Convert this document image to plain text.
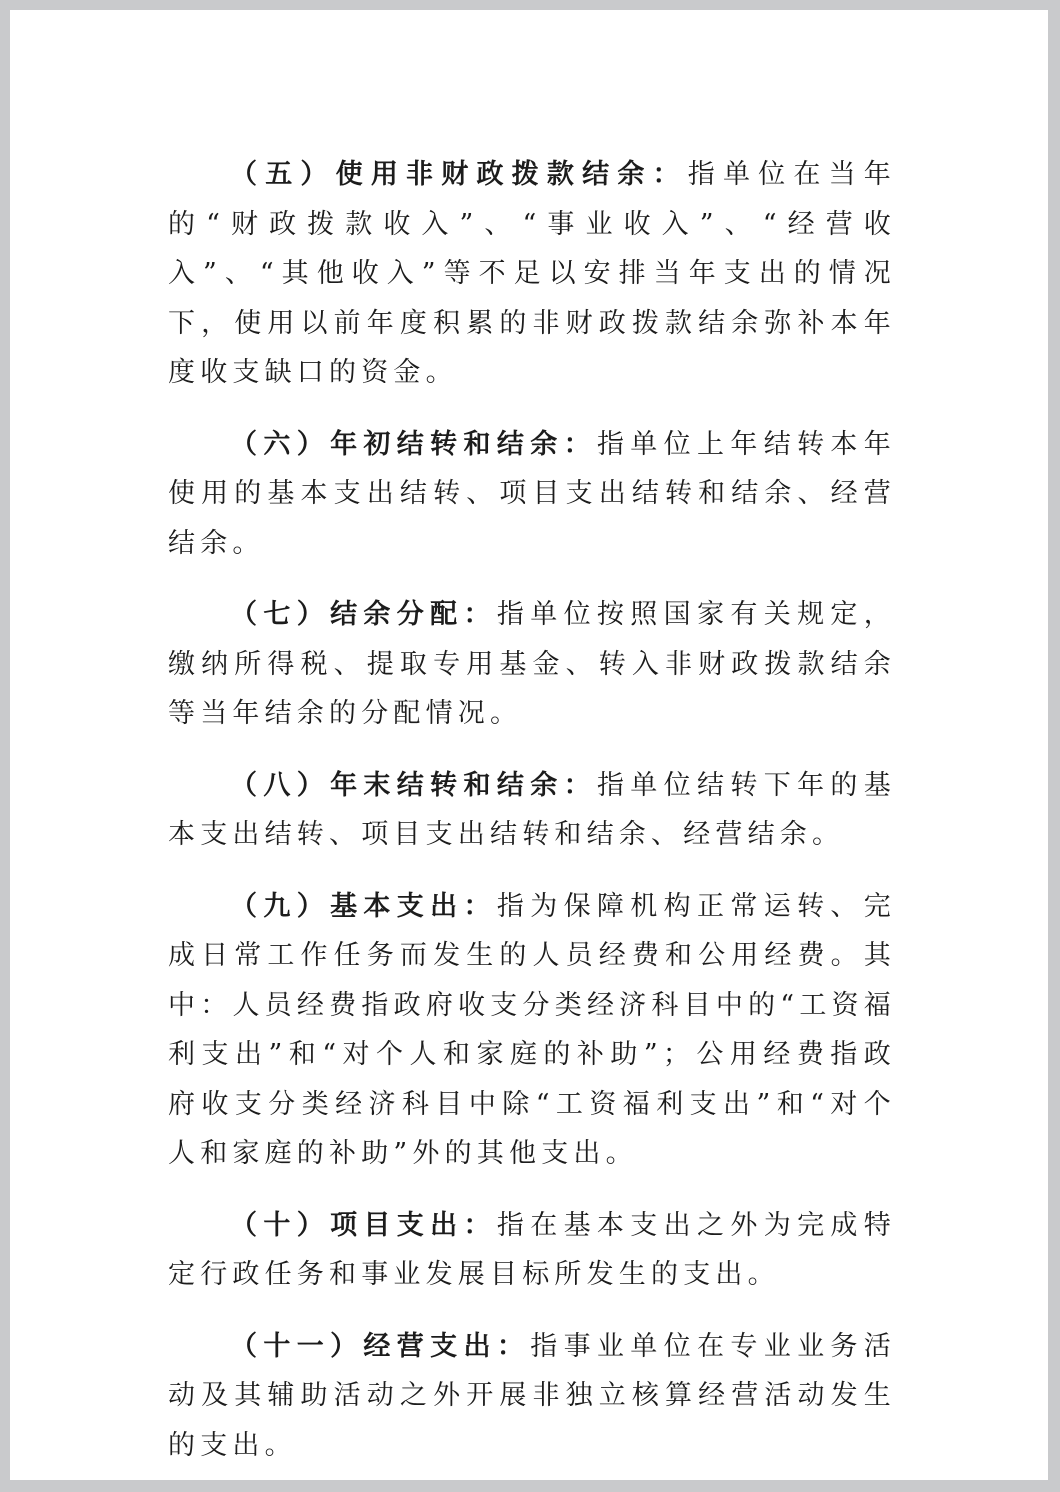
（五）使用非财政拨款结余：指单位在当年的“财政拨款收入”、“事业收入”、“经营收入”、“其他收入”等不足以安排当年支出的情况下，使用以前年度积累的非财政拨款结余弥补本年度收支缺口的资金。

（六）年初结转和结余：指单位上年结转本年使用的基本支出结转、项目支出结转和结余、经营结余。

（七）结余分配：指单位按照国家有关规定，缴纳所得税、提取专用基金、转入非财政拨款结余等当年结余的分配情况。

（八）年末结转和结余：指单位结转下年的基本支出结转、项目支出结转和结余、经营结余。

（九）基本支出：指为保障机构正常运转、完成日常工作任务而发生的人员经费和公用经费。其中：人员经费指政府收支分类经济科目中的“工资福利支出”和“对个人和家庭的补助”；公用经费指政府收支分类经济科目中除“工资福利支出”和“对个人和家庭的补助”外的其他支出。

（十）项目支出：指在基本支出之外为完成特定行政任务和事业发展目标所发生的支出。

（十一）经营支出：指事业单位在专业业务活动及其辅助活动之外开展非独立核算经营活动发生的支出。
